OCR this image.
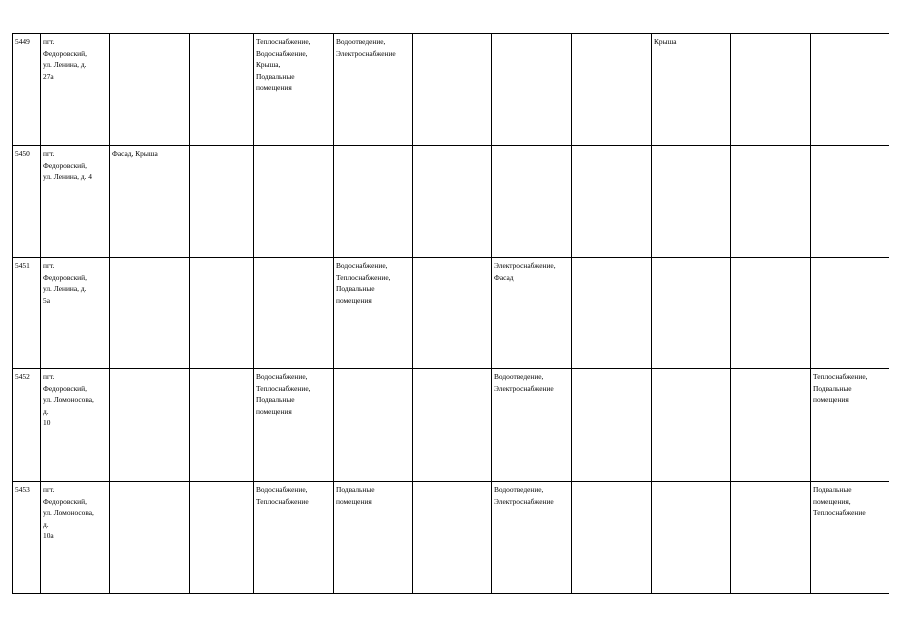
5449	пгт.
Федоровский,
ул. Ленина, д.
27а			Теплоснабжение,
Водоснабжение,
Крыша,
Подвальные
помещения	Водоотведение,
Электроснабжение				Крыша		

5450	пгт.
Федоровский,
ул. Ленина, д. 4	Фасад, Крыша									

5451	пгт.
Федоровский,
ул. Ленина, д.
5а				Водоснабжение,
Теплоснабжение,
Подвальные
помещения		Электроснабжение,
Фасад				

5452	пгт.
Федоровский,
ул. Ломоносова,
д.
10			Водоснабжение,
Теплоснабжение,
Подвальные
помещения			Водоотведение,
Электроснабжение				Теплоснабжение,
Подвальные
помещения

5453	пгт.
Федоровский,
ул. Ломоносова,
д.
10а			Водоснабжение,
Теплоснабжение	Подвальные
помещения		Водоотведение,
Электроснабжение				Подвальные
помещения,
Теплоснабжение
